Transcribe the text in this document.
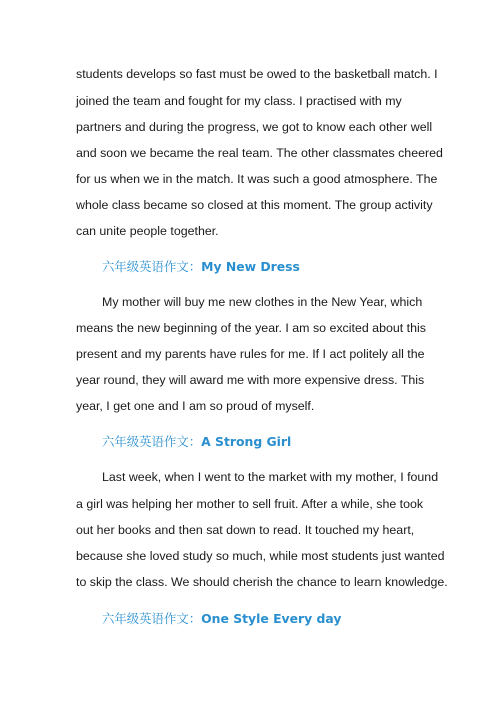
students develops so fast must be owed to the basketball match. I
joined the team and fought for my class. I practised with my
partners and during the progress, we got to know each other well
and soon we became the real team. The other classmates cheered
for us when we in the match. It was such a good atmosphere. The
whole class became so closed at this moment. The group activity
can unite people together.
六年级英语作文：My New Dress
My mother will buy me new clothes in the New Year, which
means the new beginning of the year. I am so excited about this
present and my parents have rules for me. If I act politely all the
year round, they will award me with more expensive dress. This
year, I get one and I am so proud of myself.
六年级英语作文：A Strong Girl
Last week, when I went to the market with my mother, I found
a girl was helping her mother to sell fruit. After a while, she took
out her books and then sat down to read. It touched my heart,
because she loved study so much, while most students just wanted
to skip the class. We should cherish the chance to learn knowledge.
六年级英语作文：One Style Every day
